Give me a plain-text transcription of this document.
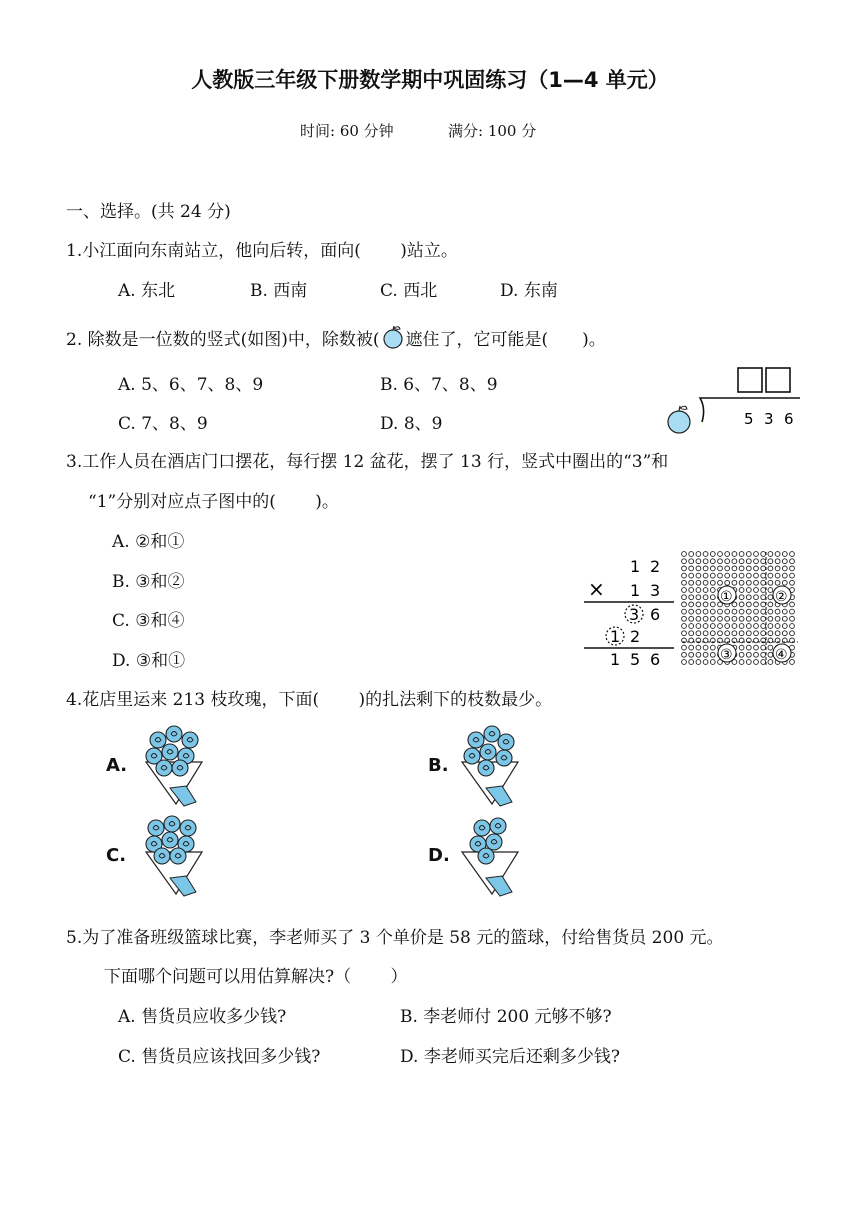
人教版三年级下册数学期中巩固练习（1—4 单元）
时间: 60 分钟	满分: 100 分
一、选择。(共 24 分)
1.小江面向东南站立，他向后转，面向(　　 )站立。
A. 东北	B. 西南	C. 西北	D. 东南
2. 除数是一位数的竖式(如图)中，除数被( 遮住了，它可能是(　　)。
A. 5、6、7、8、9	B. 6、7、8、9
C. 7、8、9	D. 8、9	5 3 6
3.工作人员在酒店门口摆花，每行摆 12 盆花，摆了 13 行，竖式中圈出的“3”和
“1”分别对应点子图中的(　　 )。
A. ②和①
B. ③和②
C. ③和④
D. ③和①
1 2
× 1 3
3 6
1 2
1 5 6
①	②
③	④
4.花店里运来 213 枝玫瑰，下面(　　 )的扎法剩下的枝数最少。
A.	B.
C.	D.
5.为了准备班级篮球比赛，李老师买了 3 个单价是 58 元的篮球，付给售货员 200 元。
下面哪个问题可以用估算解决?（　　 ）
A. 售货员应收多少钱?	B. 李老师付 200 元够不够?
C. 售货员应该找回多少钱?	D. 李老师买完后还剩多少钱?
